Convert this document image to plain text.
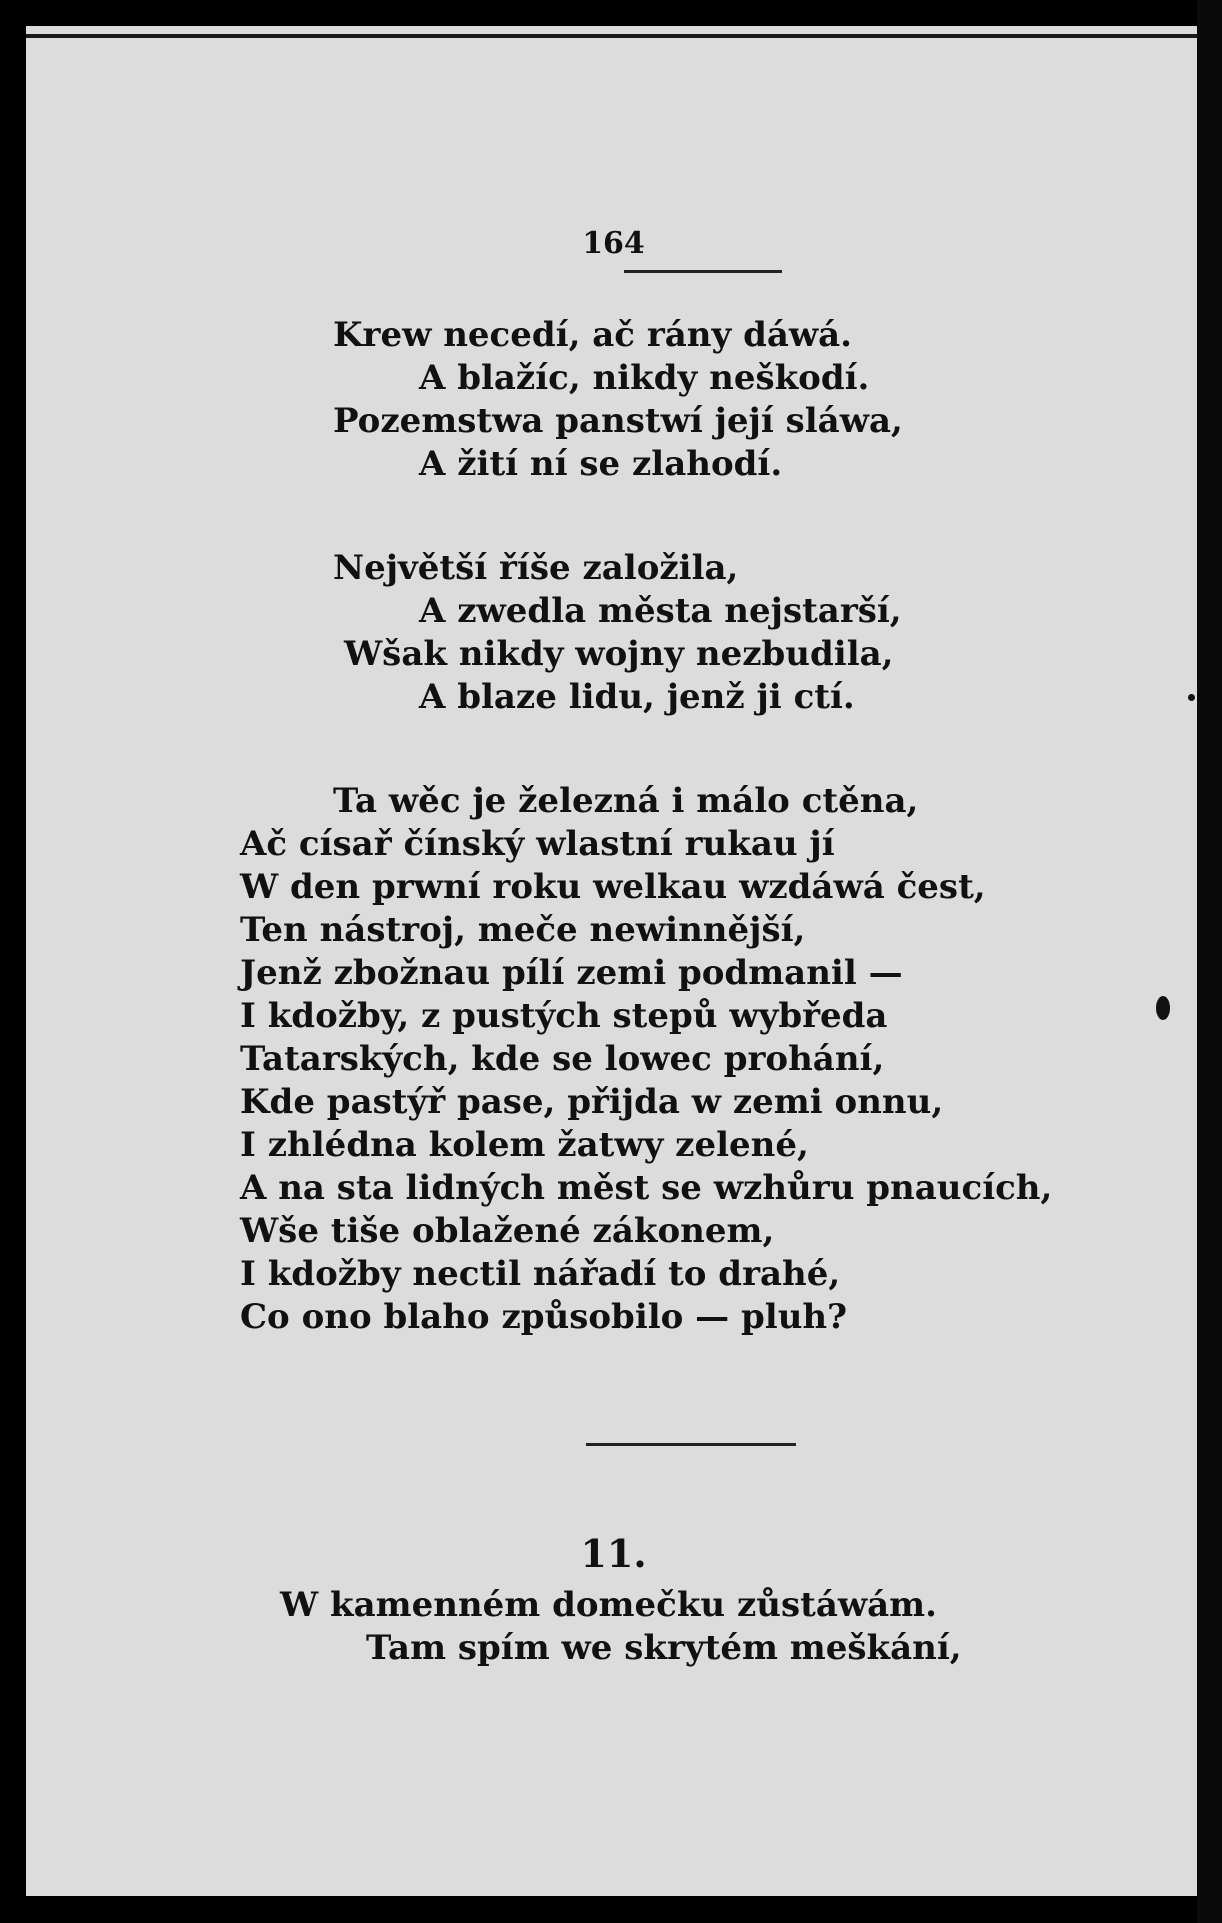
164
Krew necedí, ač rány dáwá.
A blažíc, nikdy neškodí.
Pozemstwa panstwí její sláwa,
A žití ní se zlahodí.
Největší říše založila,
A zwedla města nejstarší,
Wšak nikdy wojny nezbudila,
A blaze lidu, jenž ji ctí.
Ta wěc je železná i málo ctěna,
Ač císař čínský wlastní rukau jí
W den prwní roku welkau wzdáwá čest,
Ten nástroj, meče newinnější,
Jenž zbožnau pílí zemi podmanil —
I kdožby, z pustých stepů wybředa
Tatarských, kde se lowec prohání,
Kde pastýř pase, přijda w zemi onnu,
I zhlédna kolem žatwy zelené,
A na sta lidných měst se wzhůru pnaucích,
Wše tiše oblažené zákonem,
I kdožby nectil nářadí to drahé,
Co ono blaho způsobilo — pluh?
11.
W kamenném domečku zůstáwám.
Tam spím we skrytém meškání,
